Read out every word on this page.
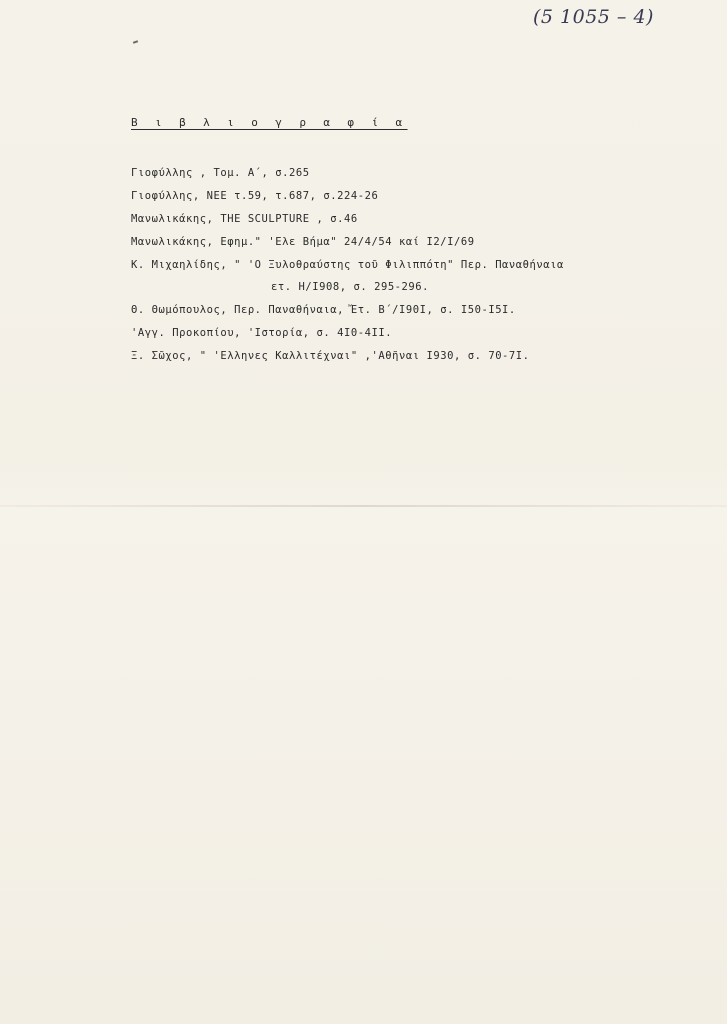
(5 1055 – 4)
Β ι β λ ι ο γ ρ α φ ί α
Γιοφύλλης , Τομ. Α΄, σ.265
Γιοφύλλης, ΝΕΕ τ.59, τ.687, σ.224-26
Μανωλικάκης, THE SCULPTURE , σ.46
Μανωλικάκης, Εφημ." 'Ελε Βήμα" 24/4/54 καί Ι2/Ι/69
Κ. Μιχαηλίδης, " 'Ο Ξυλοθραύστης τοῦ Φιλιππότη" Περ. Παναθήναια
ετ. Η/Ι908, σ. 295-296.
Θ. Θωμόπουλος, Περ. Παναθήναια, Ἔτ. Β΄/Ι90Ι, σ. Ι50-Ι5Ι.
'Αγγ. Προκοπίου, 'Ιστορία, σ. 4Ι0-4ΙΙ.
Ξ. Σῶχος, " 'Ελληνες Καλλιτέχναι" ,'Αθῆναι Ι930, σ. 70-7Ι.
